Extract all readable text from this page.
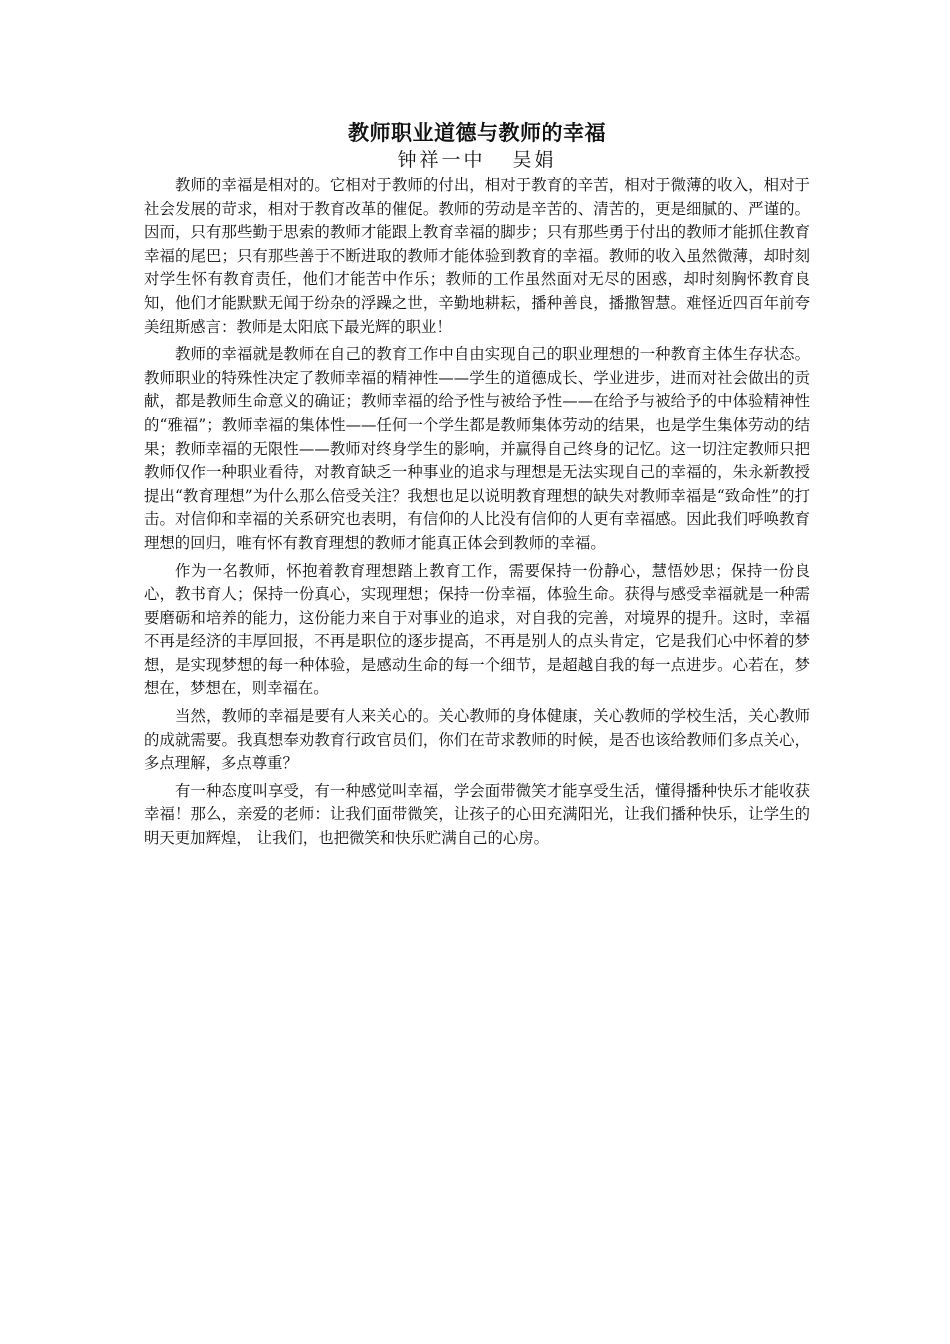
教师职业道德与教师的幸福
钟祥一中   吴娟

教师的幸福是相对的。它相对于教师的付出，相对于教育的辛苦，相对于微薄的收入，相对于社会发展的苛求，相对于教育改革的催促。教师的劳动是辛苦的、清苦的，更是细腻的、严谨的。因而，只有那些勤于思索的教师才能跟上教育幸福的脚步；只有那些勇于付出的教师才能抓住教育幸福的尾巴；只有那些善于不断进取的教师才能体验到教育的幸福。教师的收入虽然微薄，却时刻对学生怀有教育责任，他们才能苦中作乐；教师的工作虽然面对无尽的困惑，却时刻胸怀教育良知，他们才能默默无闻于纷杂的浮躁之世，辛勤地耕耘，播种善良，播撒智慧。难怪近四百年前夸美纽斯感言：教师是太阳底下最光辉的职业！

教师的幸福就是教师在自己的教育工作中自由实现自己的职业理想的一种教育主体生存状态。教师职业的特殊性决定了教师幸福的精神性——学生的道德成长、学业进步，进而对社会做出的贡献，都是教师生命意义的确证；教师幸福的给予性与被给予性——在给予与被给予的中体验精神性的“雅福”；教师幸福的集体性——任何一个学生都是教师集体劳动的结果，也是学生集体劳动的结果；教师幸福的无限性——教师对终身学生的影响，并赢得自己终身的记忆。这一切注定教师只把教师仅作一种职业看待，对教育缺乏一种事业的追求与理想是无法实现自己的幸福的，朱永新教授提出“教育理想”为什么那么倍受关注？我想也足以说明教育理想的缺失对教师幸福是“致命性”的打击。对信仰和幸福的关系研究也表明，有信仰的人比没有信仰的人更有幸福感。因此我们呼唤教育理想的回归，唯有怀有教育理想的教师才能真正体会到教师的幸福。

作为一名教师，怀抱着教育理想踏上教育工作，需要保持一份静心，慧悟妙思；保持一份良心，教书育人；保持一份真心，实现理想；保持一份幸福，体验生命。获得与感受幸福就是一种需要磨砺和培养的能力，这份能力来自于对事业的追求，对自我的完善，对境界的提升。这时，幸福不再是经济的丰厚回报，不再是职位的逐步提高，不再是别人的点头肯定，它是我们心中怀着的梦想，是实现梦想的每一种体验，是感动生命的每一个细节，是超越自我的每一点进步。心若在，梦想在，梦想在，则幸福在。

当然，教师的幸福是要有人来关心的。关心教师的身体健康，关心教师的学校生活，关心教师的成就需要。我真想奉劝教育行政官员们，你们在苛求教师的时候，是否也该给教师们多点关心，多点理解，多点尊重？

有一种态度叫享受，有一种感觉叫幸福，学会面带微笑才能享受生活，懂得播种快乐才能收获幸福！那么，亲爱的老师：让我们面带微笑，让孩子的心田充满阳光，让我们播种快乐，让学生的明天更加辉煌， 让我们，也把微笑和快乐贮满自己的心房。
